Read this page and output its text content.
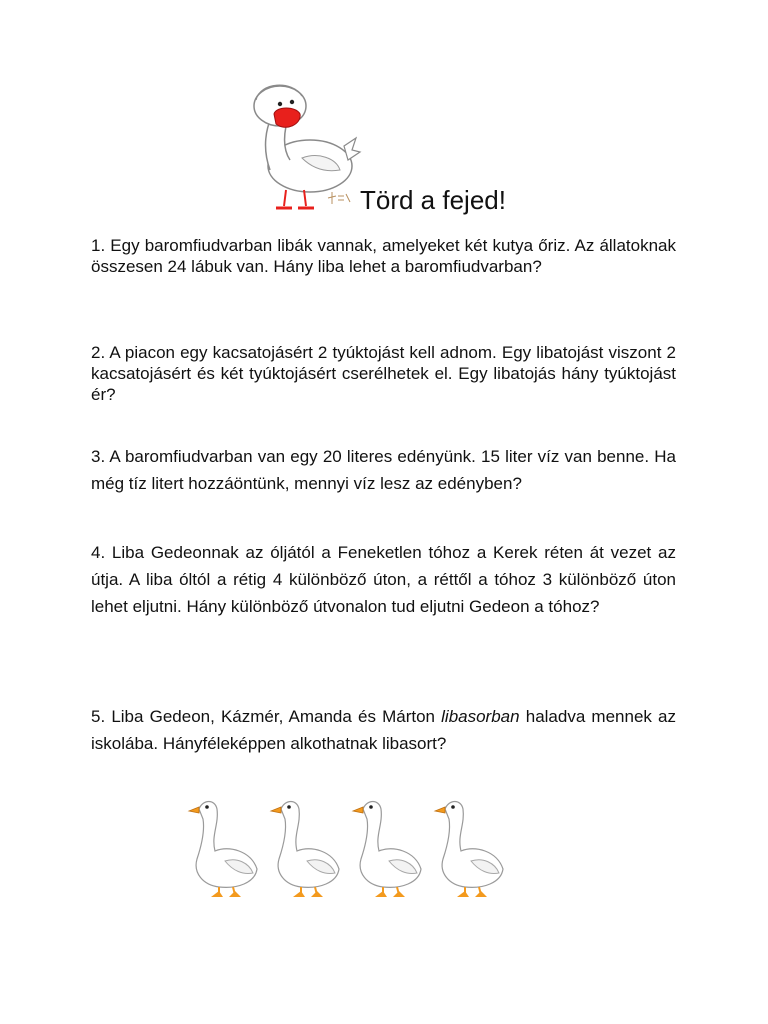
Törd a fejed!

1. Egy baromfiudvarban libák vannak, amelyeket két kutya őriz. Az állatoknak összesen 24 lábuk van. Hány liba lehet a baromfiudvarban?

2. A piacon egy kacsatojásért 2 tyúktojást kell adnom. Egy libatojást viszont 2 kacsatojásért és két tyúktojásért cserélhetek el. Egy libatojás hány tyúktojást ér?

3. A baromfiudvarban van egy 20 literes edényünk. 15 liter víz van benne. Ha még tíz litert hozzáöntünk, mennyi víz lesz az edényben?

4. Liba Gedeonnak az óljától a Feneketlen tóhoz a Kerek réten át vezet az útja. A liba óltól a rétig 4 különböző úton, a réttől a tóhoz 3 különböző úton lehet eljutni. Hány különböző útvonalon tud eljutni Gedeon a tóhoz?

5. Liba Gedeon, Kázmér, Amanda és Márton libasorban haladva mennek az iskolába. Hányféleképpen alkothatnak libasort?
